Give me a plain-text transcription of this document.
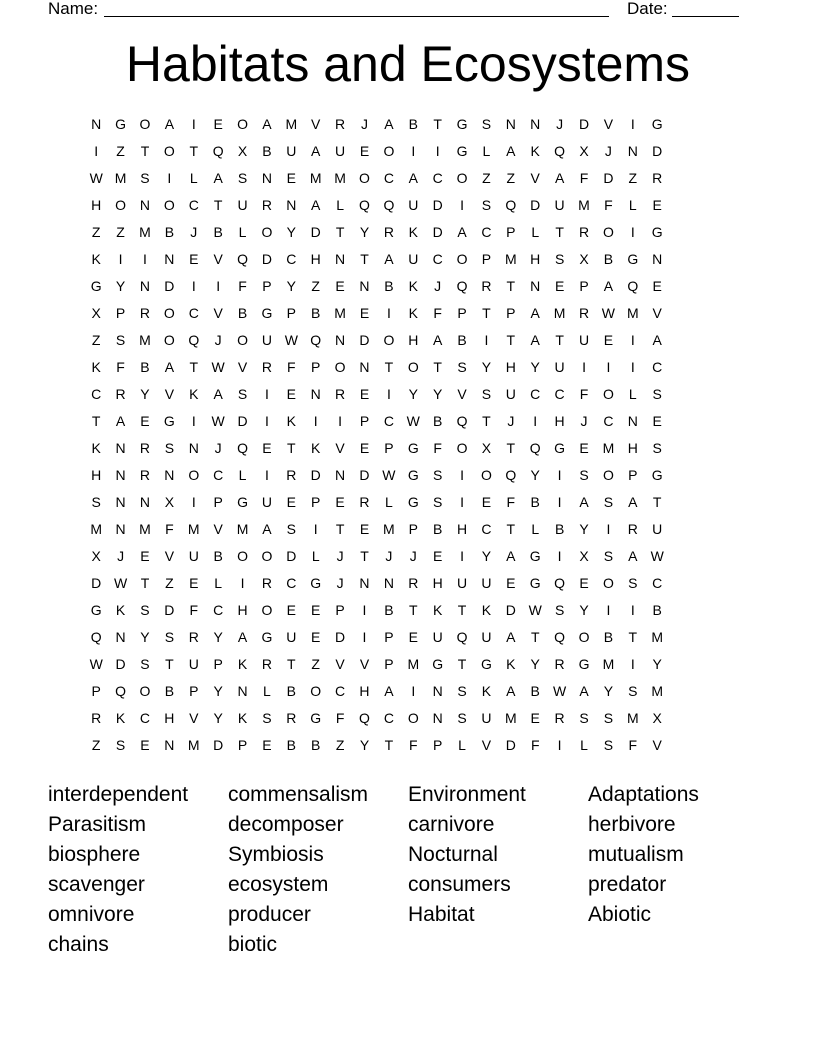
Name:	Date:
Habitats and Ecosystems
N G O	A	I	E	O	A M V	R	J	A	B	T	G	S	N	N	J	D	V	I	G
I	Z	T	O	T	Q	X	B	U	A	U	E	O	I	I	G	L	A	K	Q	X	J	N	D
W M S	I	L	A	S	N	E M M O C	A	C O	Z	Z	V	A	F	D	Z	R
H O N O C	T	U	R	N	A	L	Q Q U	D	I	S	Q D	U M	F	L	E
Z	Z	M B	J	B	L	O	Y	D	T	Y	R	K	D	A	C	P	L	T	R O	I	G
K	I	I	N	E	V	Q D	C	H	N	T	A	U	C O	P M H	S	X	B	G N
G	Y	N	D	I	I	F	P	Y	Z	E	N	B	K	J	Q R	T	N	E	P	A	Q	E
X	P	R O C	V	B	G	P	B M E	I	K	F	P	T	P	A M R W M V
Z	S M O Q	J	O U W Q N	D O H	A	B	I	T	A	T	U	E	I	A
K	F	B	A	T W V	R	F	P	O N	T	O	T	S	Y	H	Y	U	I	I	I	C
C	R	Y	V	K	A	S	I	E	N	R	E	I	Y	Y	V	S	U	C	C	F	O	L	S
T	A	E	G	I	W D	I	K	I	I	P	C W B	Q	T	J	I	H	J	C	N	E
K	N	R	S	N	J	Q	E	T	K	V	E	P	G	F	O	X	T	Q G	E M H	S
H	N	R	N O C	L	I	R	D	N	D W G	S	I	O Q	Y	I	S	O	P	G
S	N	N	X	I	P	G U	E	P	E	R	L	G	S	I	E	F	B	I	A	S	A	T
M N M	F	M V M A	S	I	T	E M P	B	H	C	T	L	B	Y	I	R	U
X	J	E	V	U	B	O O D	L	J	T	J	J	E	I	Y	A	G	I	X	S	A W
D W T	Z	E	L	I	R	C G	J	N	N	R	H	U	U	E	G Q	E	O	S	C
G	K	S	D	F	C	H O	E	E	P	I	B	T	K	T	K	D W S	Y	I	I	B
Q N	Y	S	R	Y	A	G U	E	D	I	P	E	U Q U	A	T	Q O	B	T	M
W D	S	T	U	P	K	R	T	Z	V	V	P M G	T	G	K	Y	R G M	I	Y
P	Q O	B	P	Y	N	L	B	O C	H	A	I	N	S	K	A	B W A	Y	S M
R	K	C	H	V	Y	K	S	R G	F	Q C O N	S	U M E	R	S	S M X
Z	S	E	N M D	P	E	B	B	Z	Y	T	F	P	L	V	D	F	I	L	S	F	V
interdependent commensalism Environment	Adaptations
Parasitism	decomposer	carnivore	herbivore
biosphere	Symbiosis	Nocturnal	mutualism
scavenger	ecosystem	consumers	predator
omnivore	producer	Habitat	Abiotic
chains	biotic
